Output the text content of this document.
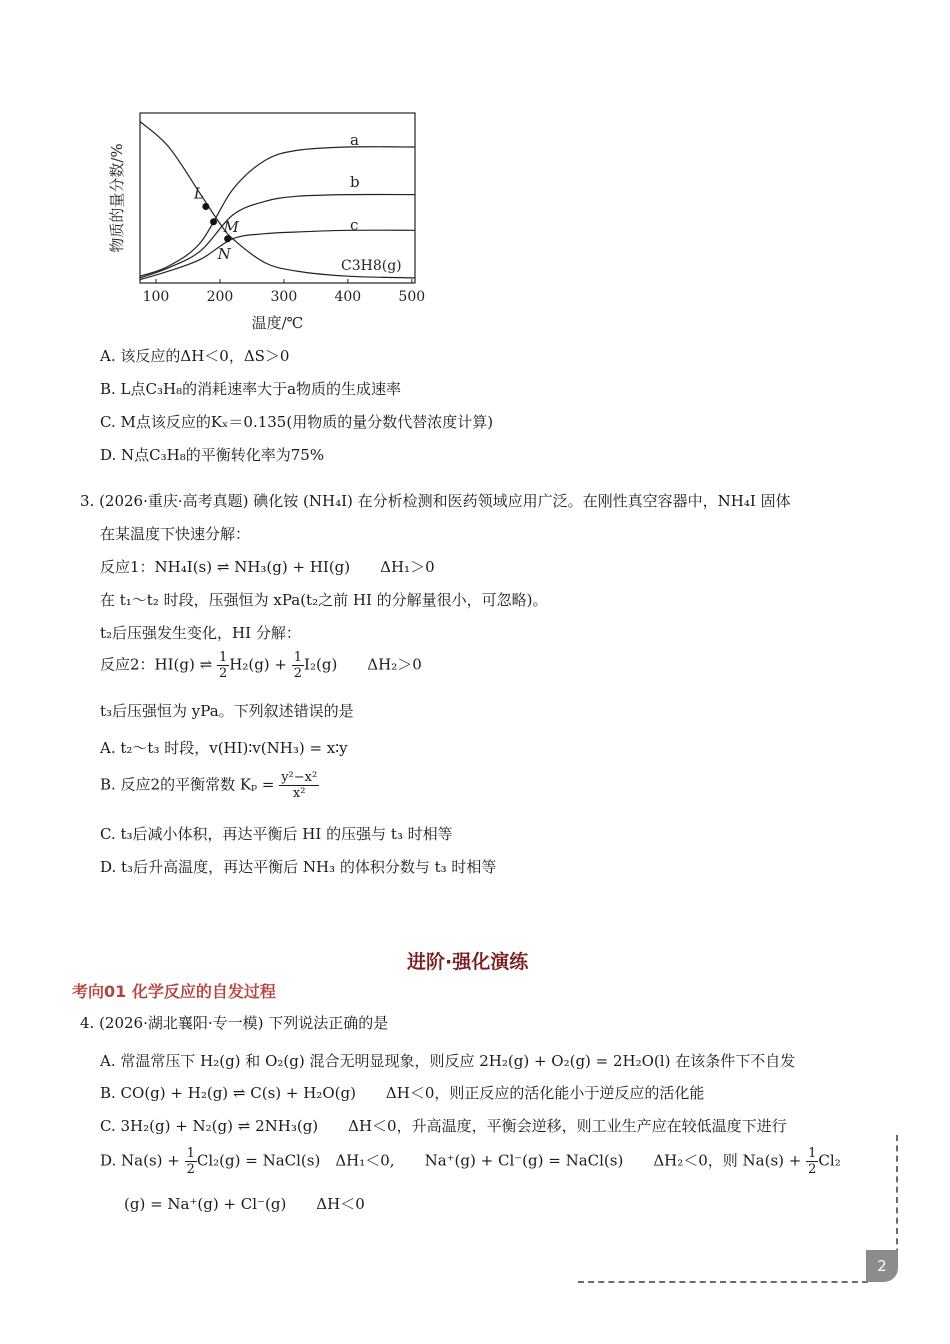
100	200	300	400	500
温度/℃
物质的量分数/%
a
b
c
C3H8(g)
L
M
N
A. 该反应的ΔH＜0，ΔS＞0
B. L点C₃H₈的消耗速率大于a物质的生成速率
C. M点该反应的Kₓ＝0.135(用物质的量分数代替浓度计算)
D. N点C₃H₈的平衡转化率为75%
3. (2026·重庆·高考真题) 碘化铵 (NH₄I) 在分析检测和医药领域应用广泛。在刚性真空容器中，NH₄I 固体
在某温度下快速分解：
反应1：NH₄I(s) ⇌ NH₃(g) + HI(g)　　ΔH₁＞0
在 t₁～t₂ 时段，压强恒为 xPa(t₂之前 HI 的分解量很小，可忽略)。
t₂后压强发生变化，HI 分解：
反应2：HI(g) ⇌ $\frac{1}{2} H_2(g) + \frac{1}{2} I_2(g)$　　ΔH₂＞0
t₃后压强恒为 yPa。下列叙述错误的是
A. t₂～t₃ 时段，v(HI)∶v(NH₃) = x∶y
B. 反应2的平衡常数 $K_p = \frac{\text{y²−x²}}{\text{x²}}$
C. t₃后减小体积，再达平衡后 HI 的压强与 t₃ 时相等
D. t₃后升高温度，再达平衡后 NH₃ 的体积分数与 t₃ 时相等
进阶·强化演练
考向01 化学反应的自发过程
4. (2026·湖北襄阳·专一模) 下列说法正确的是
A. 常温常压下 H₂(g) 和 O₂(g) 混合无明显现象，则反应 2H₂(g) + O₂(g) = 2H₂O(l) 在该条件下不自发
B. CO(g) + H₂(g) ⇌ C(s) + H₂O(g)　　ΔH＜0，则正反应的活化能小于逆反应的活化能
C. 3H₂(g) + N₂(g) ⇌ 2NH₃(g)　　ΔH＜0，升高温度，平衡会逆移，则工业生产应在较低温度下进行
D. $Na(s) + \frac{1}{2} Cl_2(g)$ = NaCl(s)　ΔH₁＜0,　　Na⁺(g) + Cl⁻(g) = NaCl(s)　　ΔH₂＜0，则 $Na(s) + \frac{1}{2} Cl_2$
(g) = Na⁺(g) + Cl⁻(g)　　ΔH＜0
2
